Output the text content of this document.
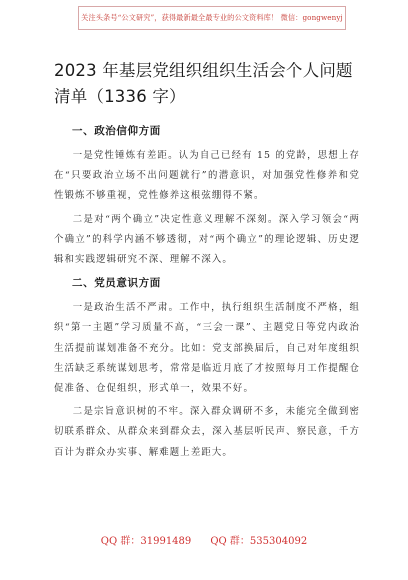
关注头条号“公文研究”，获得最新最全最专业的公文资料库！ 微信：gongwenyj
2023 年基层党组织组织生活会个人问题清单（1336 字）
一、政治信仰方面

一是党性锤炼有差距。认为自己已经有 15 的党龄，思想上存在“只要政治立场不出问题就行”的潜意识，对加强党性修养和党性锻炼不够重视，党性修养这根弦绷得不紧。

二是对“两个确立”决定性意义理解不深刻。深入学习领会“两个确立”的科学内涵不够透彻，对“两个确立”的理论逻辑、历史逻辑和实践逻辑研究不深、理解不深入。

二、党员意识方面

一是政治生活不严肃。工作中，执行组织生活制度不严格，组织“第一主题”学习质量不高，“三会一课”、主题党日等党内政治生活提前谋划准备不充分。比如：党支部换届后，自己对年度组织生活缺乏系统谋划思考，常常是临近月底了才按照每月工作提醒仓促准备、仓促组织，形式单一，效果不好。

二是宗旨意识树的不牢。深入群众调研不多，未能完全做到密切联系群众、从群众来到群众去，深入基层听民声、察民意，千方百计为群众办实事、解难题上差距大。

QQ 群：31991489      QQ 群：535304092
